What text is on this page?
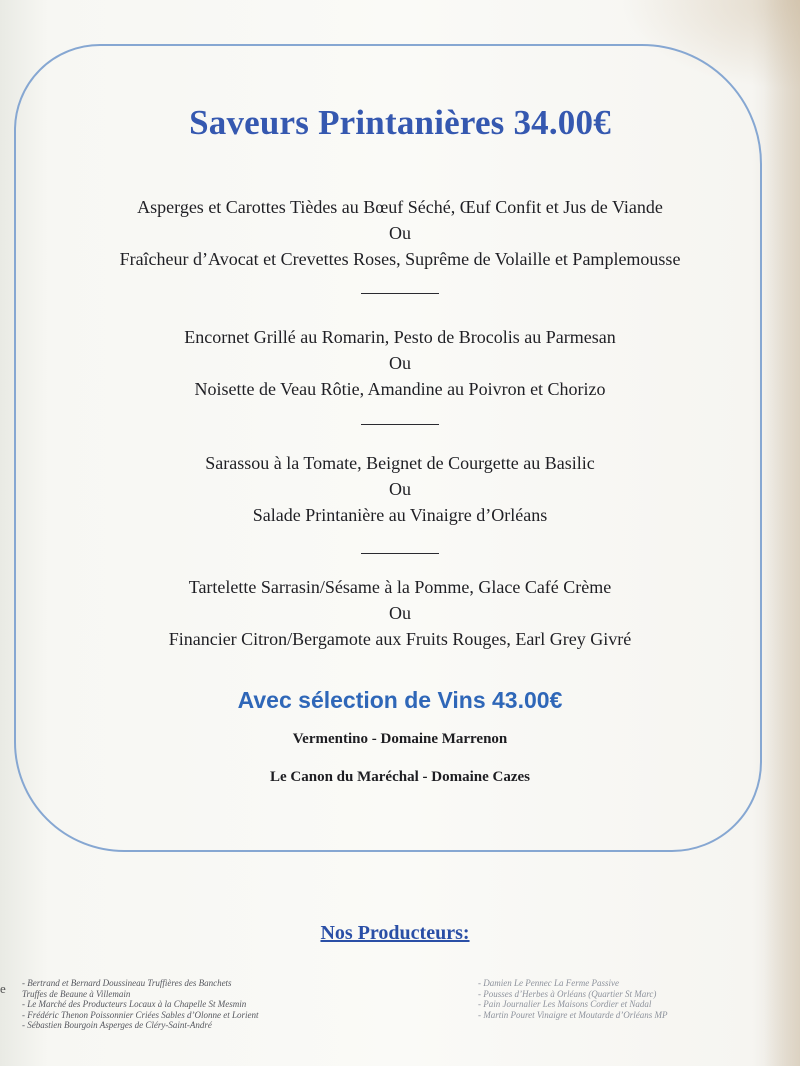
Saveurs Printanières 34.00€

Asperges et Carottes Tièdes au Bœuf Séché, Œuf Confit et Jus de Viande

Ou

Fraîcheur d’Avocat et Crevettes Roses, Suprême de Volaille et Pamplemousse

Encornet Grillé au Romarin, Pesto de Brocolis au Parmesan

Ou

Noisette de Veau Rôtie, Amandine au Poivron et Chorizo

Sarassou à la Tomate, Beignet de Courgette au Basilic

Ou

Salade Printanière au Vinaigre d’Orléans

Tartelette Sarrasin/Sésame à la Pomme, Glace Café Crème

Ou

Financier Citron/Bergamote aux Fruits Rouges, Earl Grey Givré

Avec sélection de Vins 43.00€

Vermentino - Domaine Marrenon

Le Canon du Maréchal - Domaine Cazes

Nos Producteurs:
e - Bertrand et Bernard Doussineau Truffières des Banchets
Truffes de Beaune à Villemain
- Le Marché des Producteurs Locaux à la Chapelle St Mesmin
- Frédéric Thenon Poissonnier Criées Sables d’Olonne et Lorient
- Sébastien Bourgoin Asperges de Cléry-Saint-André
- Damien Le Pennec La Ferme Passive
- Pousses d’Herbes à Orléans (Quartier St Marc)
- Pain Journalier Les Maisons Cordier et Nadal
- Martin Pouret Vinaigre et Moutarde d’Orléans MP
